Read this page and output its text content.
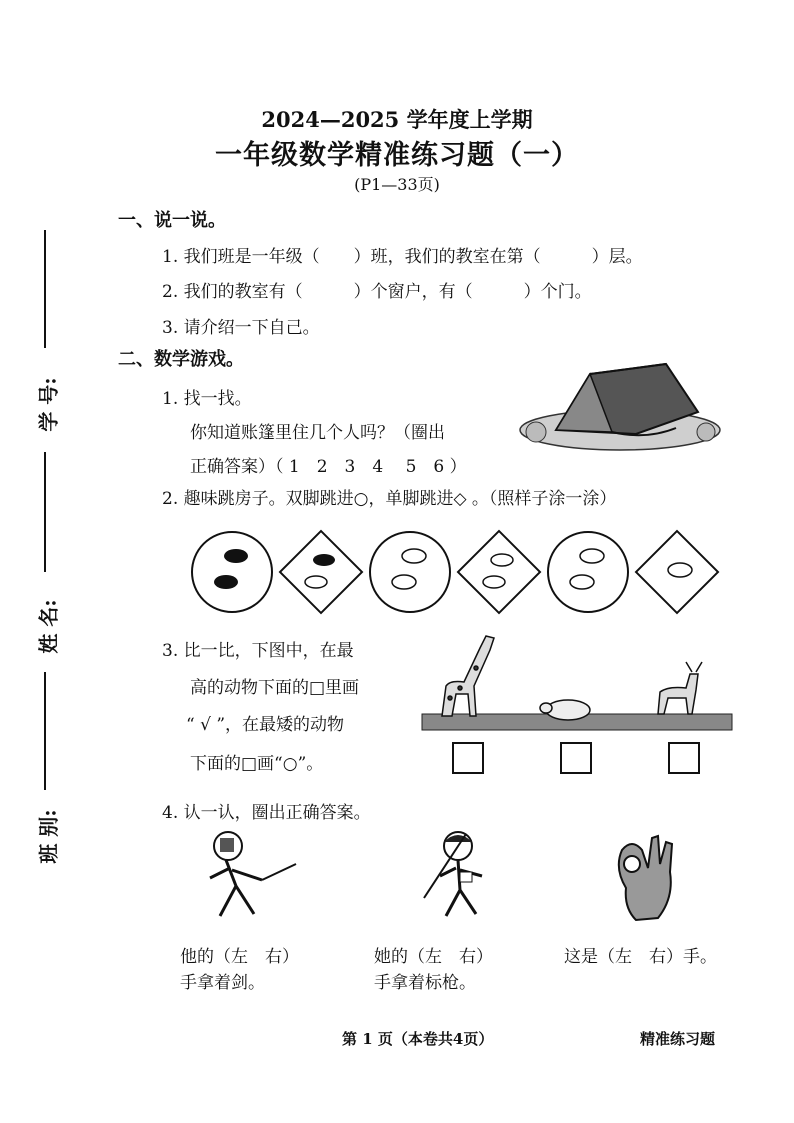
2024—2025 学年度上学期
一年级数学精准练习题（一）
(P1—33页)
学 号:
姓 名:
班 别:
一、说一说。
1. 我们班是一年级（　　）班，我们的教室在第（　　　）层。
2. 我们的教室有（　　　）个窗户，有（　　　）个门。
3. 请介绍一下自己。
二、数学游戏。
1. 找一找。
你知道账篷里住几个人吗？（圈出
正确答案）（ 1　2　3　4　 5　6 ）
2. 趣味跳房子。双脚跳进○，单脚跳进◇ 。（照样子涂一涂）
3. 比一比，下图中，在最
高的动物下面的□里画
“ √ ”，在最矮的动物
下面的□画“○”。
4. 认一认，圈出正确答案。
他的（左　右）
手拿着剑。
她的（左　右）
手拿着标枪。
这是（左　右）手。
第 1 页（本卷共4页）	精准练习题
